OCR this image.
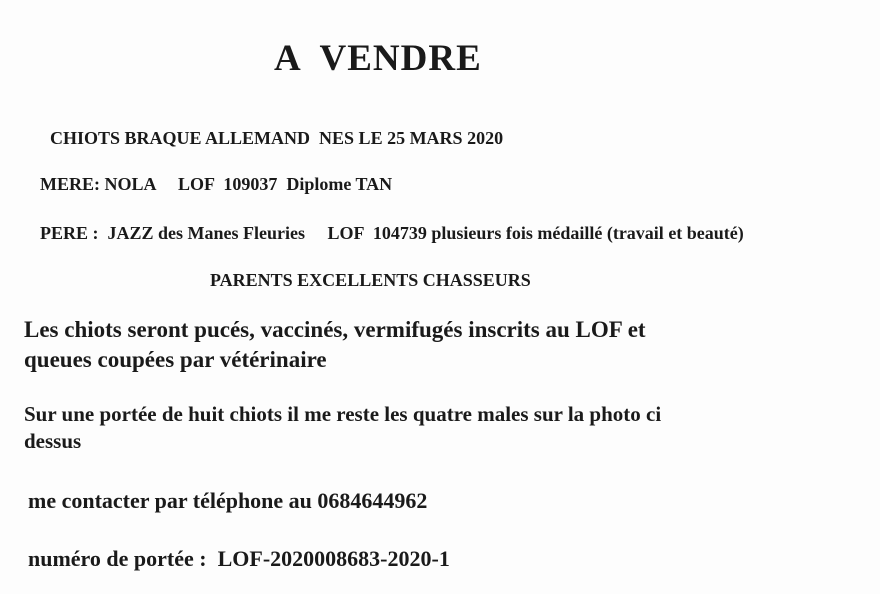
A  VENDRE

CHIOTS BRAQUE ALLEMAND  NES LE 25 MARS 2020

MERE: NOLA     LOF  109037  Diplome TAN

PERE :  JAZZ des Manes Fleuries     LOF  104739 plusieurs fois médaillé (travail et beauté)

PARENTS EXCELLENTS CHASSEURS

Les chiots seront pucés, vaccinés, vermifugés inscrits au LOF et

queues coupées par vétérinaire

Sur une portée de huit chiots il me reste les quatre males sur la photo ci

dessus

me contacter par téléphone au 0684644962

numéro de portée :  LOF-2020008683-2020-1
